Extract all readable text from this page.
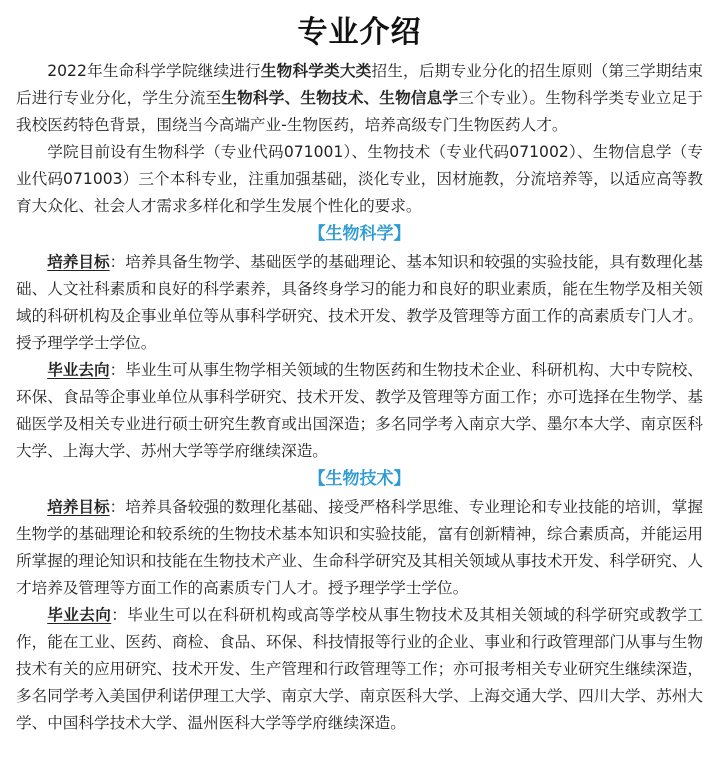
专业介绍

2022年生命科学学院继续进行生物科学类大类招生，后期专业分化的招生原则（第三学期结束后进行专业分化，学生分流至生物科学、生物技术、生物信息学三个专业）。生物科学类专业立足于我校医药特色背景，围绕当今高端产业-生物医药，培养高级专门生物医药人才。

学院目前设有生物科学（专业代码071001）、生物技术（专业代码071002）、生物信息学（专业代码071003）三个本科专业，注重加强基础，淡化专业，因材施教，分流培养等，以适应高等教育大众化、社会人才需求多样化和学生发展个性化的要求。

【生物科学】

培养目标：培养具备生物学、基础医学的基础理论、基本知识和较强的实验技能，具有数理化基础、人文社科素质和良好的科学素养，具备终身学习的能力和良好的职业素质，能在生物学及相关领域的科研机构及企事业单位等从事科学研究、技术开发、教学及管理等方面工作的高素质专门人才。授予理学学士学位。

毕业去向：毕业生可从事生物学相关领域的生物医药和生物技术企业、科研机构、大中专院校、环保、食品等企事业单位从事科学研究、技术开发、教学及管理等方面工作；亦可选择在生物学、基础医学及相关专业进行硕士研究生教育或出国深造；多名同学考入南京大学、墨尔本大学、南京医科大学、上海大学、苏州大学等学府继续深造。

【生物技术】

培养目标：培养具备较强的数理化基础、接受严格科学思维、专业理论和专业技能的培训，掌握生物学的基础理论和较系统的生物技术基本知识和实验技能，富有创新精神，综合素质高，并能运用所掌握的理论知识和技能在生物技术产业、生命科学研究及其相关领域从事技术开发、科学研究、人才培养及管理等方面工作的高素质专门人才。授予理学学士学位。

毕业去向：毕业生可以在科研机构或高等学校从事生物技术及其相关领域的科学研究或教学工作，能在工业、医药、商检、食品、环保、科技情报等行业的企业、事业和行政管理部门从事与生物技术有关的应用研究、技术开发、生产管理和行政管理等工作；亦可报考相关专业研究生继续深造，多名同学考入美国伊利诺伊理工大学、南京大学、南京医科大学、上海交通大学、四川大学、苏州大学、中国科学技术大学、温州医科大学等学府继续深造。
